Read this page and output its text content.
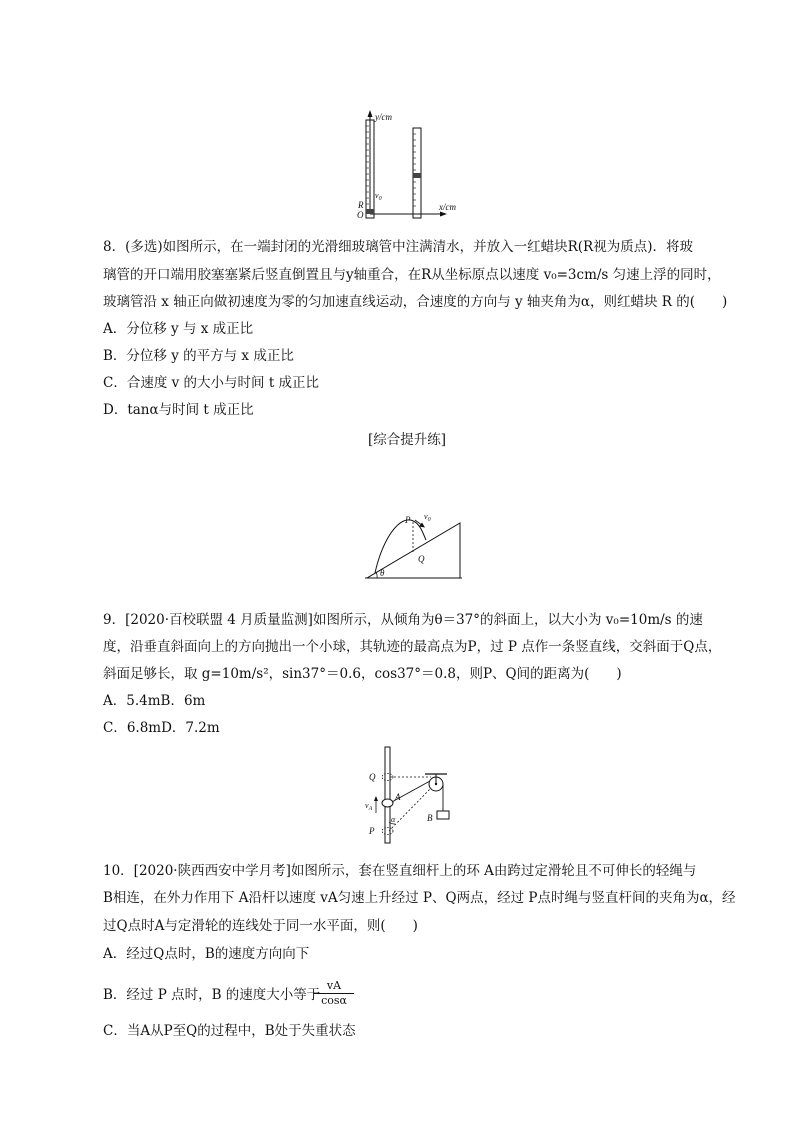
y/cm
x/cm
$v_0$
R
O
8．(多选)如图所示，在一端封闭的光滑细玻璃管中注满清水，并放入一红蜡块R(R视为质点)．将玻
璃管的开口端用胶塞塞紧后竖直倒置且与y轴重合，在R从坐标原点以速度 v₀=3cm/s 匀速上浮的同时，
玻璃管沿 x 轴正向做初速度为零的匀加速直线运动，合速度的方向与 y 轴夹角为α，则红蜡块 R 的(　　)
A．分位移 y 与 x 成正比
B．分位移 y 的平方与 x 成正比
C．合速度 v 的大小与时间 t 成正比
D．tanα与时间 t 成正比
[综合提升练]
P
Q
$v_0$
θ
9．[2020·百校联盟 4 月质量监测]如图所示，从倾角为θ＝37°的斜面上，以大小为 v₀=10m/s 的速
度，沿垂直斜面向上的方向抛出一个小球，其轨迹的最高点为P，过 P 点作一条竖直线，交斜面于Q点，
斜面足够长，取 g=10m/s²，sin37°＝0.6，cos37°＝0.8，则P、Q间的距离为(　　)
A．5.4mB．6m
C．6.8mD．7.2m
Q
P
A
B
$v_A$
α
10．[2020·陕西西安中学月考]如图所示，套在竖直细杆上的环 A由跨过定滑轮且不可伸长的轻绳与
B相连，在外力作用下 A沿杆以速度 vA匀速上升经过 P、Q两点，经过 P点时绳与竖直杆间的夹角为α，经
过Q点时A与定滑轮的连线处于同一水平面，则(　　)
A．经过Q点时，B的速度方向向下
B．经过 P 点时，B 的速度大小等于
$\frac{vA}{\cos\alpha}$
C．当A从P至Q的过程中，B处于失重状态
